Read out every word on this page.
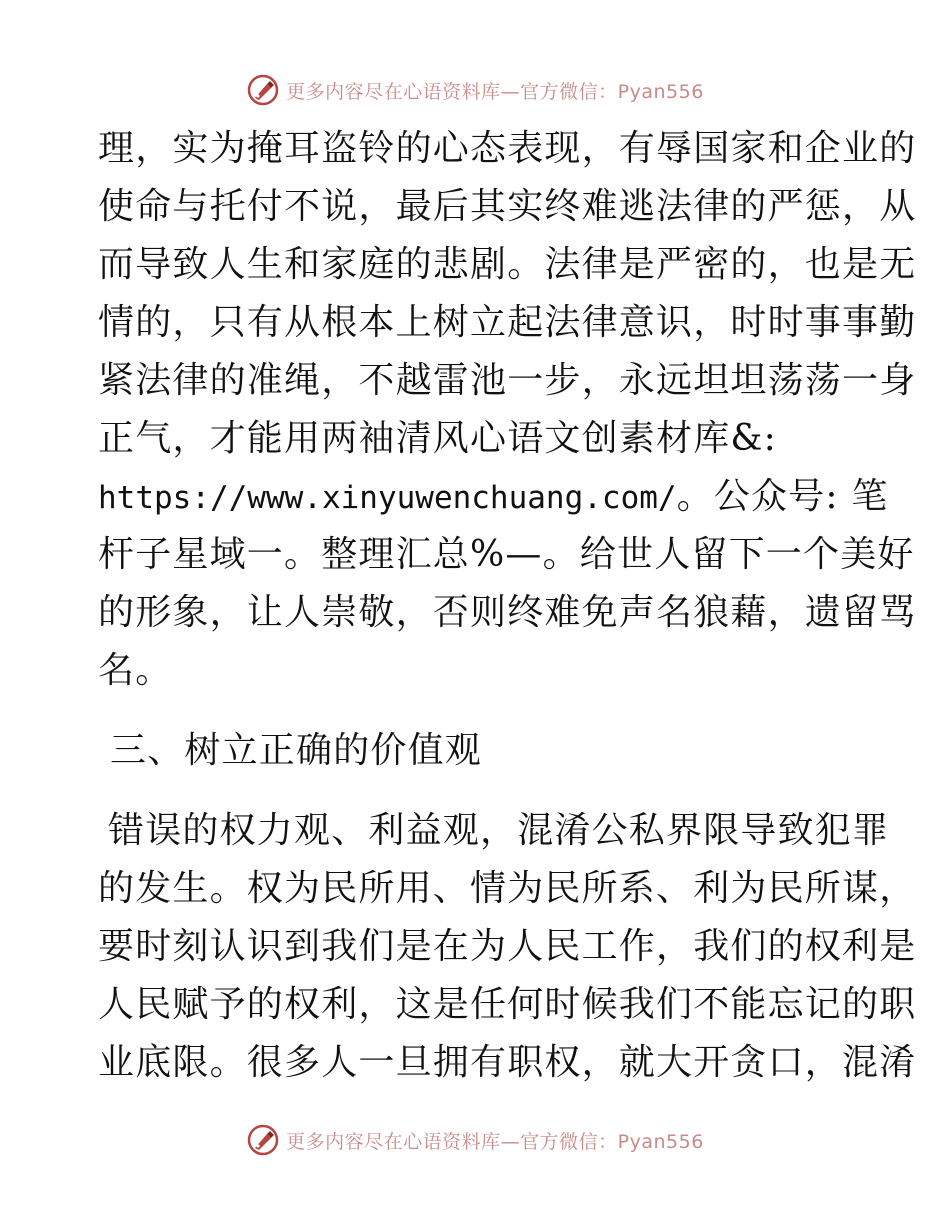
更多内容尽在心语资料库—官方微信：Pyan556
理，实为掩耳盗铃的心态表现，有辱国家和企业的
使命与托付不说，最后其实终难逃法律的严惩，从
而导致人生和家庭的悲剧。法律是严密的，也是无
情的，只有从根本上树立起法律意识，时时事事勤
紧法律的准绳，不越雷池一步，永远坦坦荡荡一身
正气，才能用两袖清风心语文创素材库&:
https://www.xinyuwenchuang.com/。公众号: 笔
杆子星域一。整理汇总%—。给世人留下一个美好
的形象，让人崇敬，否则终难免声名狼藉，遗留骂
名。
三、树立正确的价值观
错误的权力观、利益观，混淆公私界限导致犯罪
的发生。权为民所用、情为民所系、利为民所谋，
要时刻认识到我们是在为人民工作，我们的权利是
人民赋予的权利，这是任何时候我们不能忘记的职
业底限。很多人一旦拥有职权，就大开贪口，混淆
更多内容尽在心语资料库—官方微信：Pyan556
